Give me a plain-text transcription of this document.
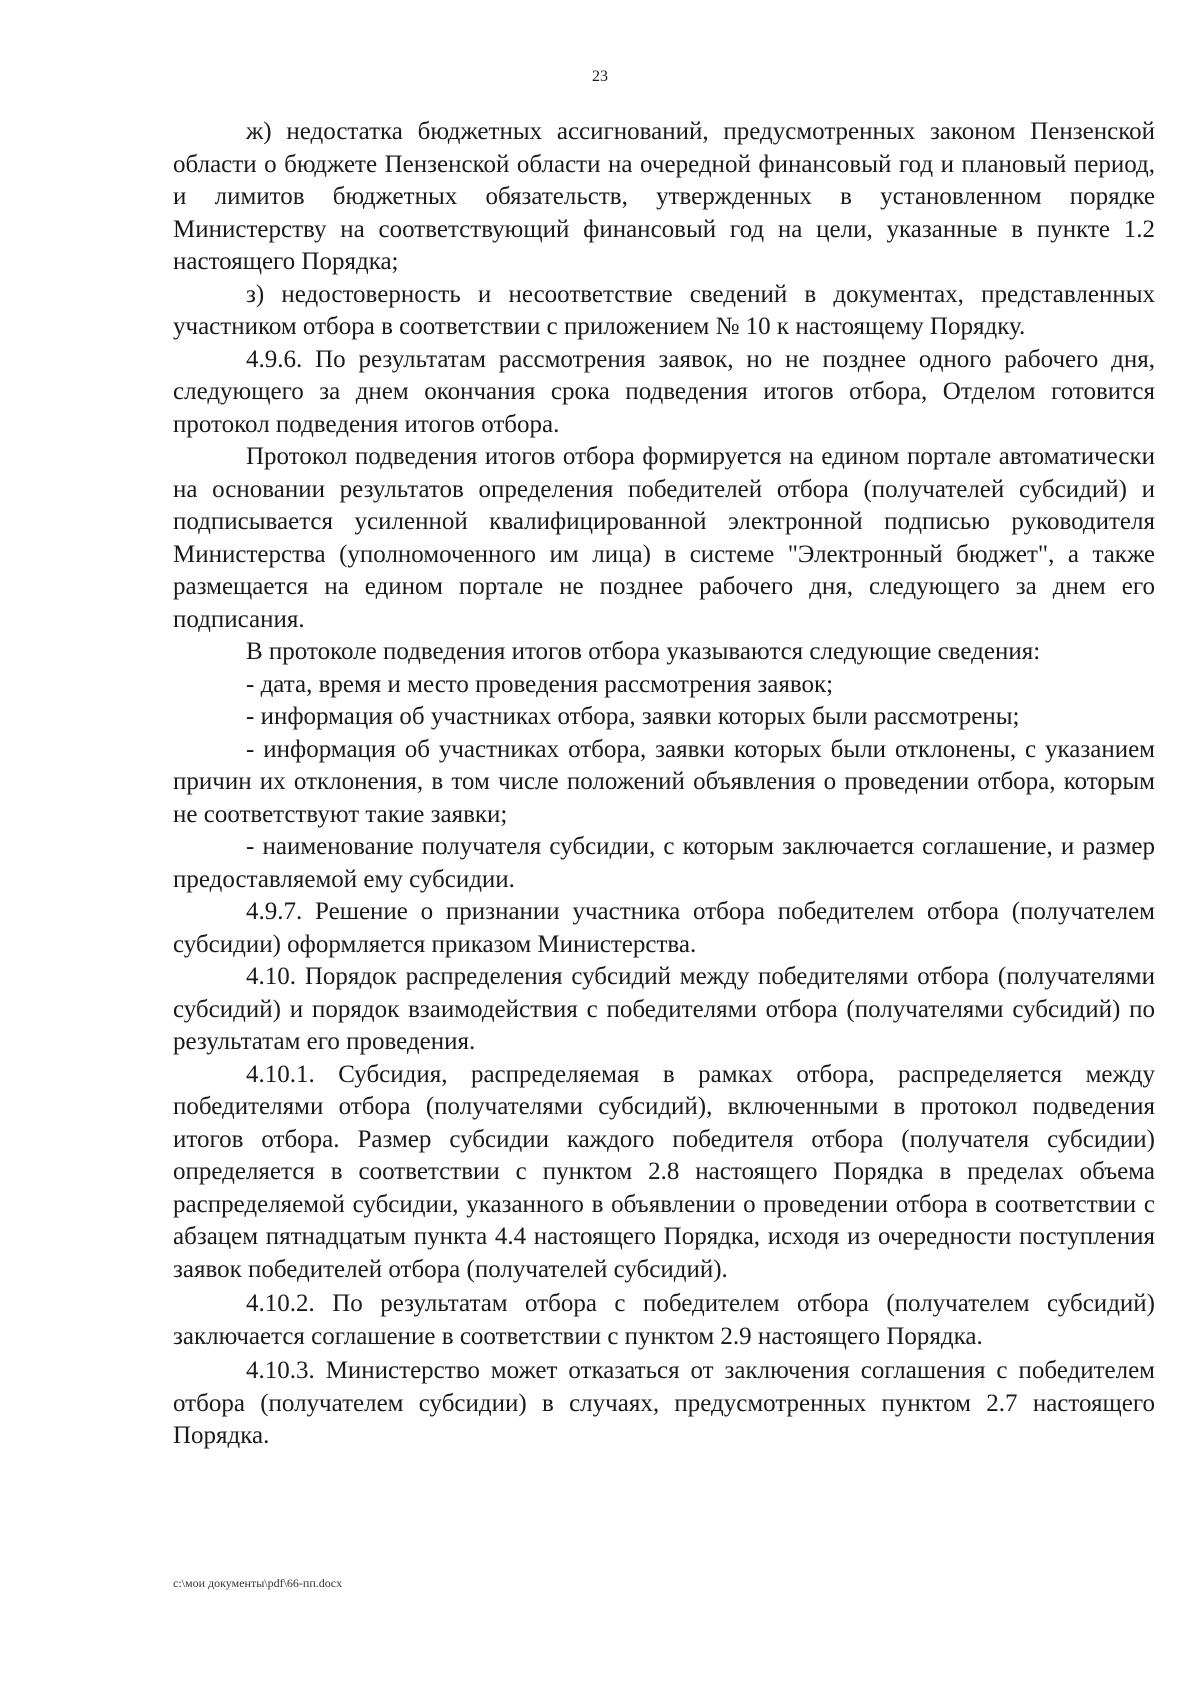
23

ж) недостатка бюджетных ассигнований, предусмотренных законом Пензенской области о бюджете Пензенской области на очередной финансовый год и плановый период, и лимитов бюджетных обязательств, утвержденных в установленном порядке Министерству на соответствующий финансовый год на цели, указанные в пункте 1.2 настоящего Порядка;

з) недостоверность и несоответствие сведений в документах, представленных участником отбора в соответствии с приложением № 10 к настоящему Порядку.

4.9.6. По результатам рассмотрения заявок, но не позднее одного рабочего дня, следующего за днем окончания срока подведения итогов отбора, Отделом готовится протокол подведения итогов отбора.

Протокол подведения итогов отбора формируется на едином портале автоматически на основании результатов определения победителей отбора (получателей субсидий) и подписывается усиленной квалифицированной электронной подписью руководителя Министерства (уполномоченного им лица) в системе "Электронный бюджет", а также размещается на едином портале не позднее рабочего дня, следующего за днем его подписания.

В протоколе подведения итогов отбора указываются следующие сведения:

- дата, время и место проведения рассмотрения заявок;

- информация об участниках отбора, заявки которых были рассмотрены;

- информация об участниках отбора, заявки которых были отклонены, с указанием причин их отклонения, в том числе положений объявления о проведении отбора, которым не соответствуют такие заявки;

- наименование получателя субсидии, с которым заключается соглашение, и размер предоставляемой ему субсидии.

4.9.7. Решение о признании участника отбора победителем отбора (получателем субсидии) оформляется приказом Министерства.

4.10. Порядок распределения субсидий между победителями отбора (получателями субсидий) и порядок взаимодействия с победителями отбора (получателями субсидий) по результатам его проведения.

4.10.1. Субсидия, распределяемая в рамках отбора, распределяется между победителями отбора (получателями субсидий), включенными в протокол подведения итогов отбора. Размер субсидии каждого победителя отбора (получателя субсидии) определяется в соответствии с пунктом 2.8 настоящего Порядка в пределах объема распределяемой субсидии, указанного в объявлении о проведении отбора в соответствии с абзацем пятнадцатым пункта 4.4 настоящего Порядка, исходя из очередности поступления заявок победителей отбора (получателей субсидий).

4.10.2. По результатам отбора с победителем отбора (получателем субсидий) заключается соглашение в соответствии с пунктом 2.9 настоящего Порядка.

4.10.3. Министерство может отказаться от заключения соглашения с победителем отбора (получателем субсидии) в случаях, предусмотренных пунктом 2.7 настоящего Порядка.

c:\мои документы\pdf\66-пп.docx
